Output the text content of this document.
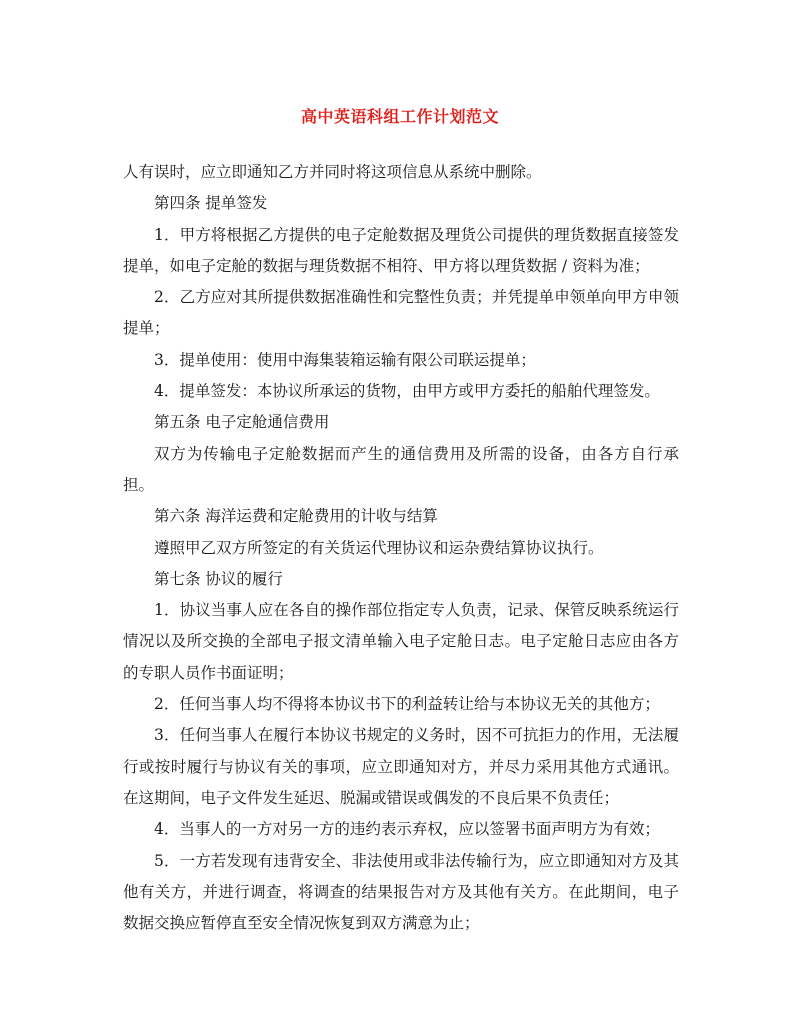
高中英语科组工作计划范文

人有误时，应立即通知乙方并同时将这项信息从系统中删除。

第四条 提单签发

1．甲方将根据乙方提供的电子定舱数据及理货公司提供的理货数据直接签发提单，如电子定舱的数据与理货数据不相符、甲方将以理货数据 / 资料为准；

2．乙方应对其所提供数据准确性和完整性负责；并凭提单申领单向甲方申领提单；

3．提单使用：使用中海集装箱运输有限公司联运提单；

4．提单签发：本协议所承运的货物，由甲方或甲方委托的船舶代理签发。

第五条 电子定舱通信费用

双方为传输电子定舱数据而产生的通信费用及所需的设备，由各方自行承担。

第六条 海洋运费和定舱费用的计收与结算

遵照甲乙双方所签定的有关货运代理协议和运杂费结算协议执行。

第七条 协议的履行

1．协议当事人应在各自的操作部位指定专人负责，记录、保管反映系统运行情况以及所交换的全部电子报文清单输入电子定舱日志。电子定舱日志应由各方的专职人员作书面证明；

2．任何当事人均不得将本协议书下的利益转让给与本协议无关的其他方；

3．任何当事人在履行本协议书规定的义务时，因不可抗拒力的作用，无法履行或按时履行与协议有关的事项，应立即通知对方，并尽力采用其他方式通讯。在这期间，电子文件发生延迟、脱漏或错误或偶发的不良后果不负责任；

4．当事人的一方对另一方的违约表示弃权，应以签署书面声明方为有效；

5．一方若发现有违背安全、非法使用或非法传输行为，应立即通知对方及其他有关方，并进行调查，将调查的结果报告对方及其他有关方。在此期间，电子数据交换应暂停直至安全情况恢复到双方满意为止；
